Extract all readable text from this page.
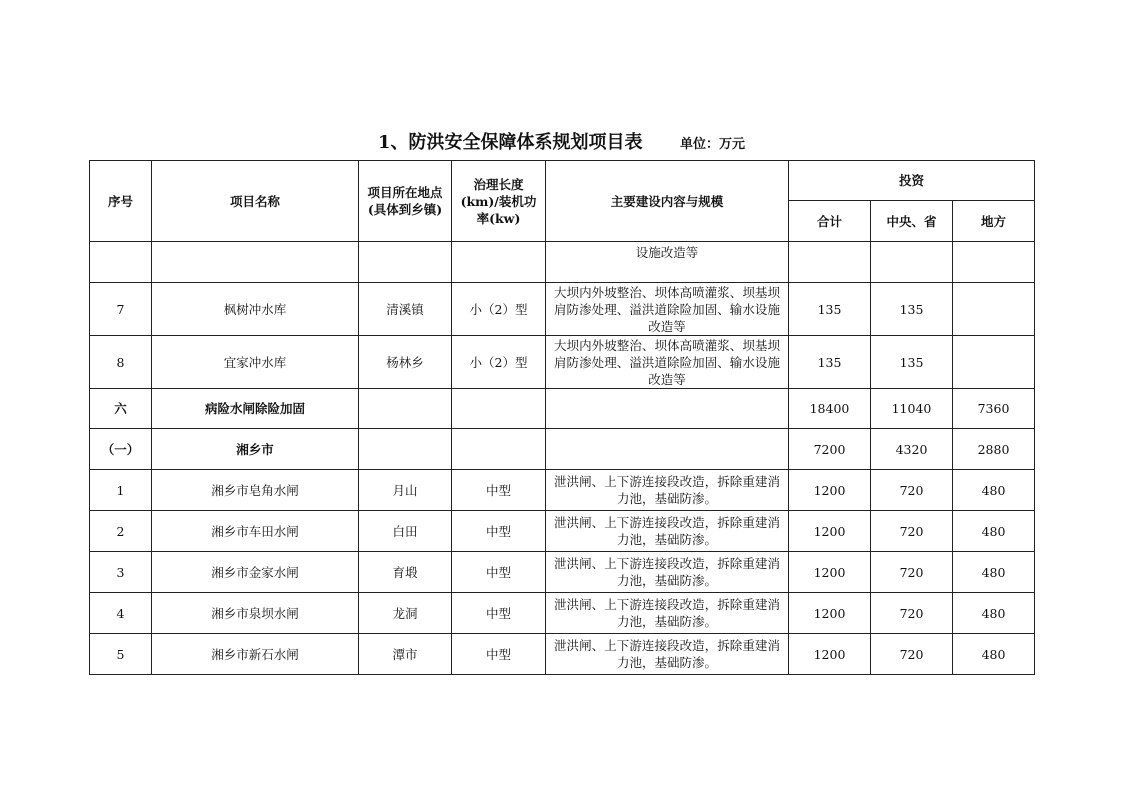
1、防洪安全保障体系规划项目表	单位：万元
序号	项目名称	项目所在地点(具体到乡镇)	治理长度(km)/装机功率(kw)	主要建设内容与规模	投资		
					合计	中央、省	地方
				设施改造等			
7	枫树冲水库	清溪镇	小（2）型	大坝内外坡整治、坝体高喷灌浆、坝基坝肩防渗处理、溢洪道除险加固、输水设施改造等	135	135	
8	宜家冲水库	杨林乡	小（2）型	大坝内外坡整治、坝体高喷灌浆、坝基坝肩防渗处理、溢洪道除险加固、输水设施改造等	135	135	
六	病险水闸除险加固				18400	11040	7360
（一）	湘乡市				7200	4320	2880
1	湘乡市皂角水闸	月山	中型	泄洪闸、上下游连接段改造，拆除重建消力池，基础防渗。	1200	720	480
2	湘乡市车田水闸	白田	中型	泄洪闸、上下游连接段改造，拆除重建消力池，基础防渗。	1200	720	480
3	湘乡市金家水闸	育塅	中型	泄洪闸、上下游连接段改造，拆除重建消力池，基础防渗。	1200	720	480
4	湘乡市泉坝水闸	龙洞	中型	泄洪闸、上下游连接段改造，拆除重建消力池，基础防渗。	1200	720	480
5	湘乡市新石水闸	潭市	中型	泄洪闸、上下游连接段改造，拆除重建消力池，基础防渗。	1200	720	480
